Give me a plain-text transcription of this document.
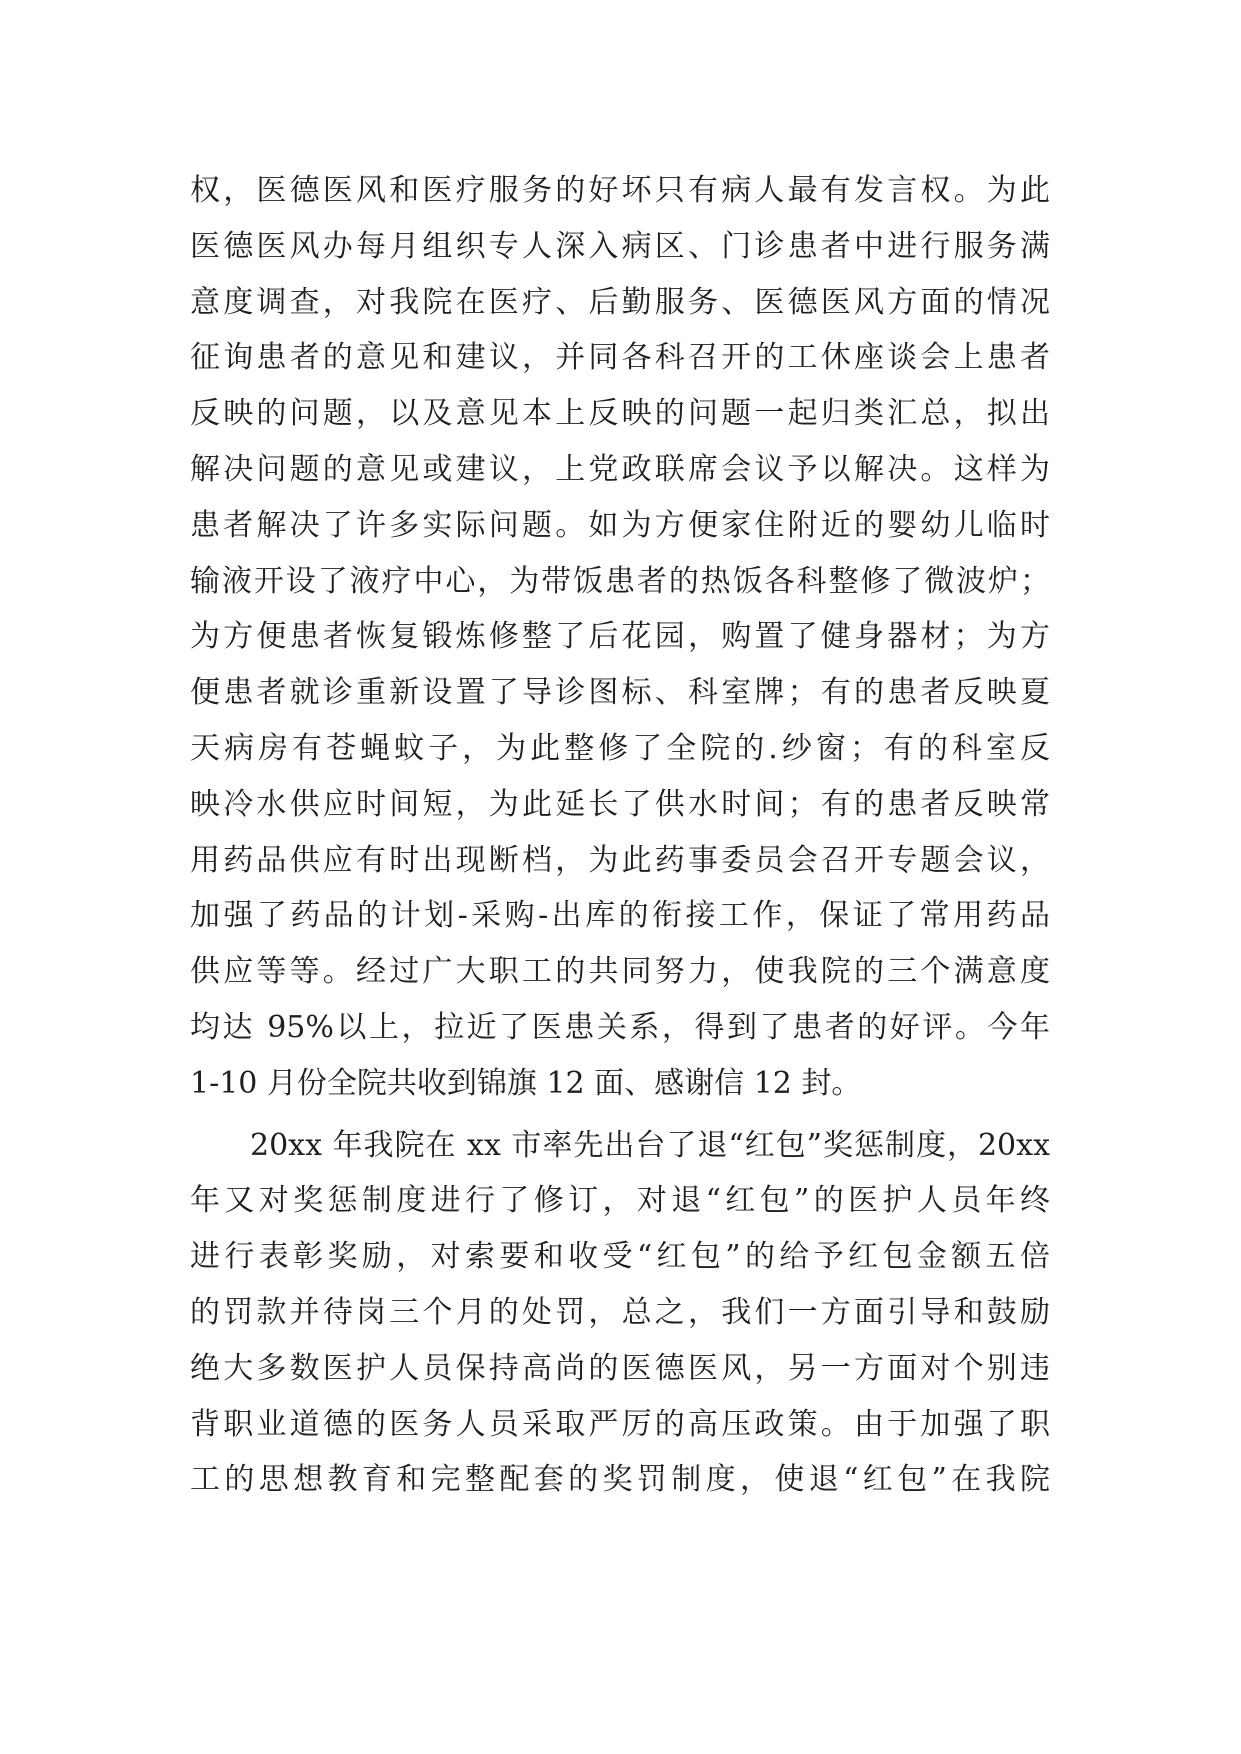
权，医德医风和医疗服务的好坏只有病人最有发言权。为此
医德医风办每月组织专人深入病区、门诊患者中进行服务满
意度调查，对我院在医疗、后勤服务、医德医风方面的情况
征询患者的意见和建议，并同各科召开的工休座谈会上患者
反映的问题，以及意见本上反映的问题一起归类汇总，拟出
解决问题的意见或建议，上党政联席会议予以解决。这样为
患者解决了许多实际问题。如为方便家住附近的婴幼儿临时
输液开设了液疗中心，为带饭患者的热饭各科整修了微波炉；
为方便患者恢复锻炼修整了后花园，购置了健身器材；为方
便患者就诊重新设置了导诊图标、科室牌；有的患者反映夏
天病房有苍蝇蚊子，为此整修了全院的.纱窗；有的科室反
映冷水供应时间短，为此延长了供水时间；有的患者反映常
用药品供应有时出现断档，为此药事委员会召开专题会议，
加强了药品的计划-采购-出库的衔接工作，保证了常用药品
供应等等。经过广大职工的共同努力，使我院的三个满意度
均达 95%以上，拉近了医患关系，得到了患者的好评。今年
1-10 月份全院共收到锦旗 12 面、感谢信 12 封。
20xx 年我院在 xx 市率先出台了退“红包”奖惩制度，20xx
年又对奖惩制度进行了修订，对退“红包”的医护人员年终
进行表彰奖励，对索要和收受“红包”的给予红包金额五倍
的罚款并待岗三个月的处罚，总之，我们一方面引导和鼓励
绝大多数医护人员保持高尚的医德医风，另一方面对个别违
背职业道德的医务人员采取严厉的高压政策。由于加强了职
工的思想教育和完整配套的奖罚制度，使退“红包”在我院
